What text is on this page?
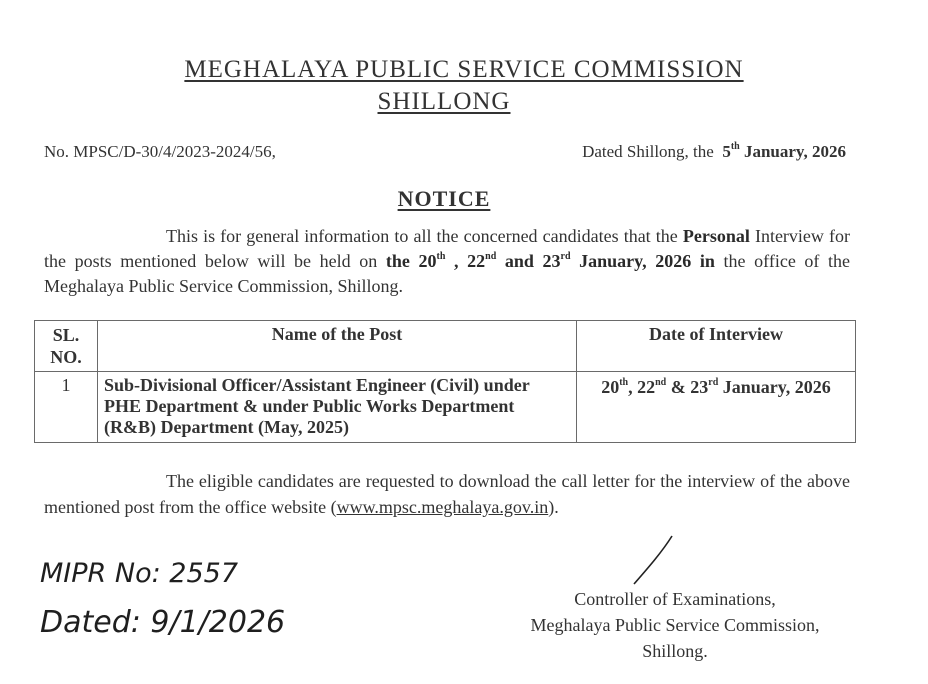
MEGHALAYA PUBLIC SERVICE COMMISSION
SHILLONG
No. MPSC/D-30/4/2023-2024/56,	Dated Shillong, the 5th January, 2026
NOTICE
This is for general information to all the concerned candidates that the Personal Interview for the posts mentioned below will be held on the 20th , 22nd and 23rd January, 2026 in the office of the Meghalaya Public Service Commission, Shillong.
SL. NO.	Name of the Post	Date of Interview
1	Sub-Divisional Officer/Assistant Engineer (Civil) under PHE Department & under Public Works Department (R&B) Department (May, 2025)	20th, 22nd & 23rd January, 2026
The eligible candidates are requested to download the call letter for the interview of the above mentioned post from the office website (www.mpsc.meghalaya.gov.in).
MIPR No: 2557
Dated: 9/1/2026
Controller of Examinations,
Meghalaya Public Service Commission,
Shillong.
